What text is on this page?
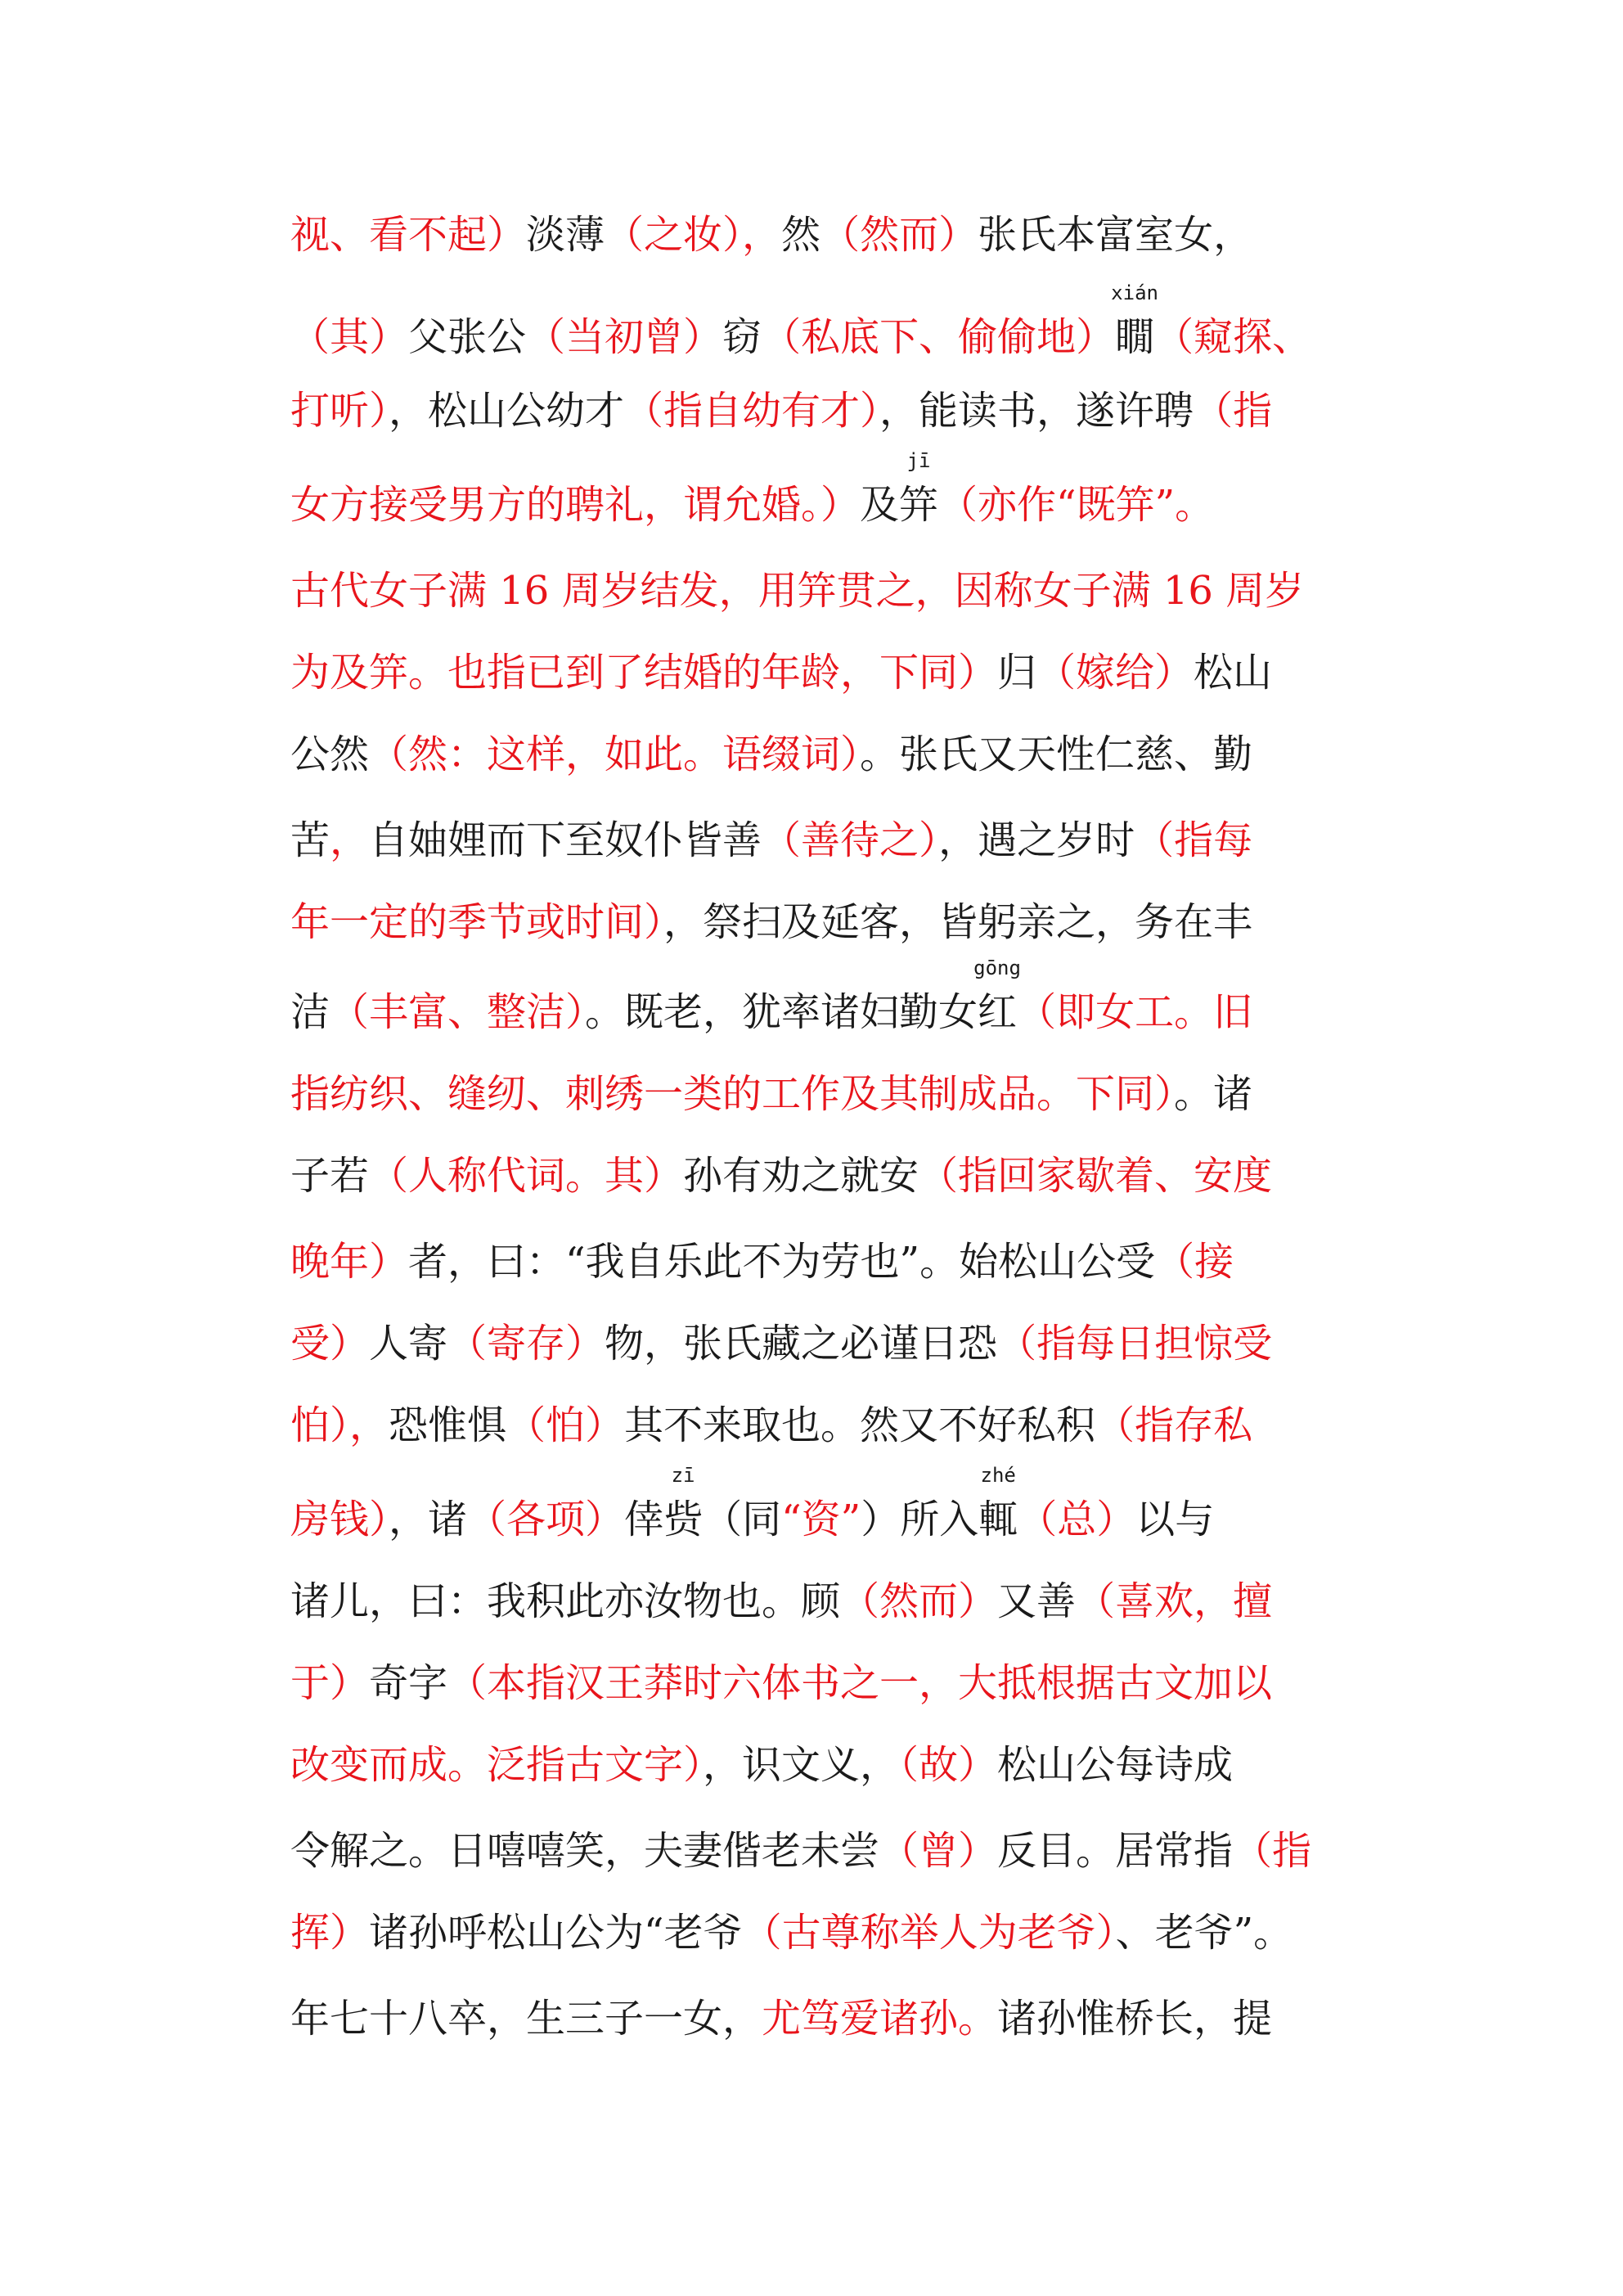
视、看不起）淡薄（之妆），然（然而）张氏本富室女，
（其）父张公（当初曾）窃（私底下、偷偷地）
xián
瞯（窥探、
打听），松山公幼才（指自幼有才），能读书，遂许聘（指
女方接受男方的聘礼，谓允婚。）及
jī
笄（亦作“既笄”。
古代女子满 16 周岁结发，用笄贯之，因称女子满 16 周岁
为及笄。也指已到了结婚的年龄，下同）归（嫁给）松山
公然（然：这样，如此。语缀词）。张氏又天性仁慈、勤
苦，自妯娌而下至奴仆皆善（善待之），遇之岁时（指每
年一定的季节或时间），祭扫及延客，皆躬亲之，务在丰
洁（丰富、整洁）。既老，犹率诸妇勤女
gōng
红（即女工。旧
指纺织、缝纫、刺绣一类的工作及其制成品。下同）。诸
子若（人称代词。其）孙有劝之就安（指回家歇着、安度
晚年）者，曰：“我自乐此不为劳也”。始松山公受（接
受）人寄（寄存）物，张氏藏之必谨日恐（指每日担惊受
怕），恐惟惧（怕）其不来取也。然又不好私积（指存私
房钱），诸（各项）倖
zī
赀（同“资”）所入
zhé
輒（总）以与
诸儿，曰：我积此亦汝物也。顾（然而）又善（喜欢，擅
于）奇字（本指汉王莽时六体书之一，大抵根据古文加以
改变而成。泛指古文字），识文义，（故）松山公每诗成
令解之。日嘻嘻笑，夫妻偕老未尝（曾）反目。居常指（指
挥）诸孙呼松山公为“老爷（古尊称举人为老爷）、老爷”。
年七十八卒，生三子一女，尤笃爱诸孙。诸孙惟桥长，提
